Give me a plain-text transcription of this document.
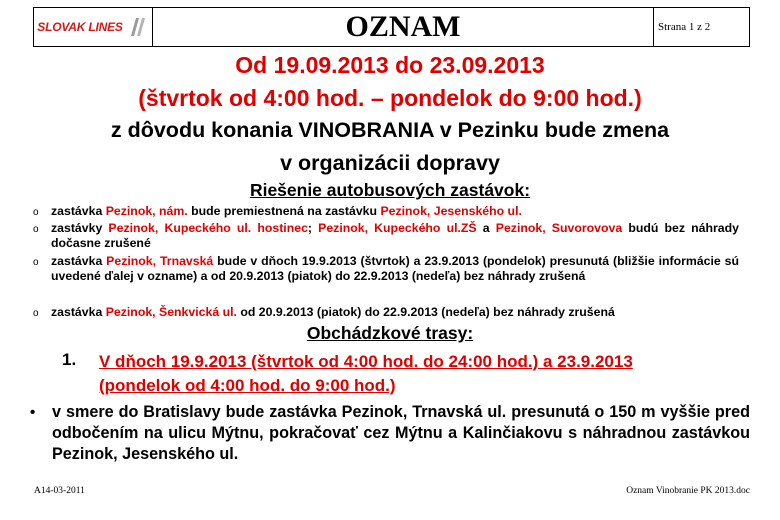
SLOVAK LINES	OZNAM	Strana 1 z 2
Od 19.09.2013 do 23.09.2013
(štvrtok od 4:00 hod. – pondelok do 9:00 hod.)
z dôvodu konania VINOBRANIA v Pezinku bude zmena
v organizácii dopravy
Riešenie autobusových zastávok:
o zastávka Pezinok, nám. bude premiestnená na zastávku Pezinok, Jesenského ul.
o zastávky Pezinok, Kupeckého ul. hostinec; Pezinok, Kupeckého ul.ZŠ a Pezinok, Suvorovova budú bez náhrady dočasne zrušené
o zastávka Pezinok, Trnavská bude v dňoch 19.9.2013 (štvrtok) a 23.9.2013 (pondelok) presunutá (bližšie informácie sú uvedené ďalej v ozname) a od 20.9.2013 (piatok) do 22.9.2013 (nedeľa) bez náhrady zrušená
o zastávka Pezinok, Šenkvická ul. od 20.9.2013 (piatok) do 22.9.2013 (nedeľa) bez náhrady zrušená
Obchádzkové trasy:
1. V dňoch 19.9.2013 (štvrtok od 4:00 hod. do 24:00 hod.) a 23.9.2013 (pondelok od 4:00 hod. do 9:00 hod.)
• v smere do Bratislavy bude zastávka Pezinok, Trnavská ul. presunutá o 150 m vyššie pred odbočením na ulicu Mýtnu, pokračovať cez Mýtnu a Kalinčiakovu s náhradnou zastávkou Pezinok, Jesenského ul.
A14-03-2011	Oznam Vinobranie PK 2013.doc
